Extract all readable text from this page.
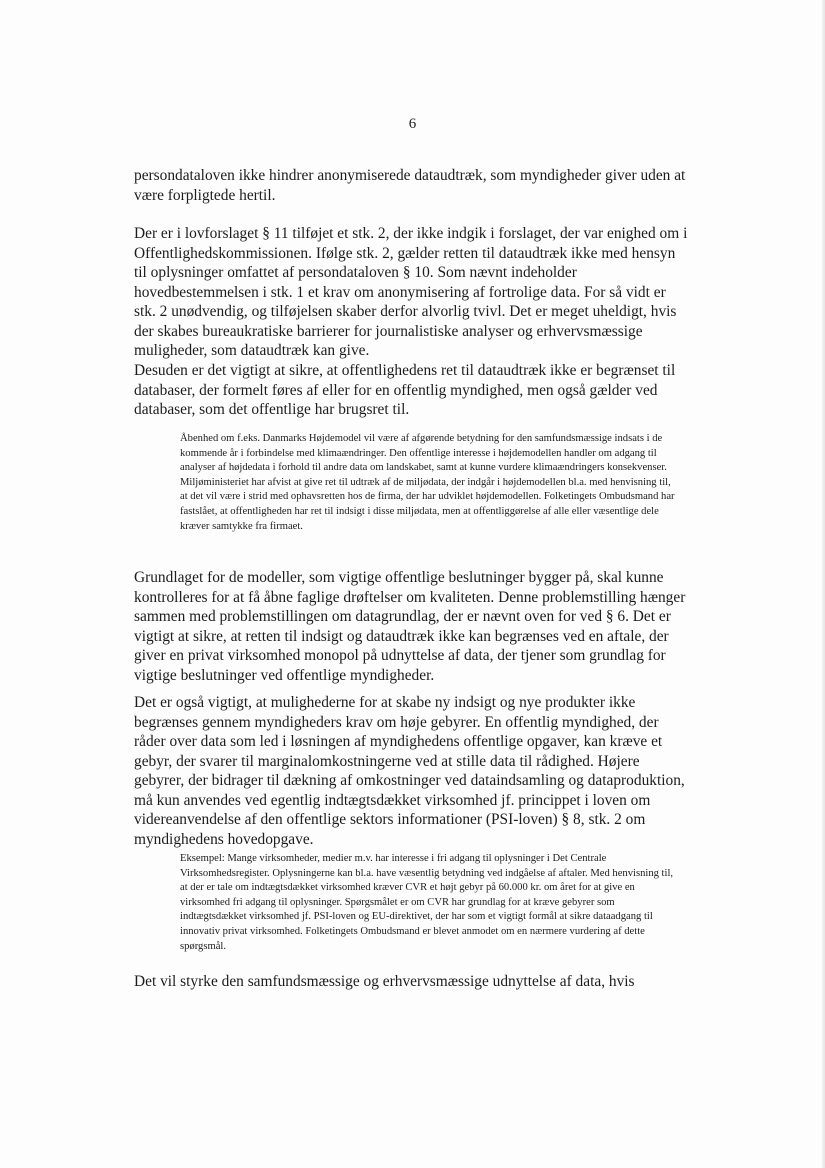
6

persondataloven ikke hindrer anonymiserede dataudtræk, som myndigheder giver uden at være forpligtede hertil.

Der er i lovforslaget § 11 tilføjet et stk. 2, der ikke indgik i forslaget, der var enighed om i Offentlighedskommissionen. Ifølge stk. 2, gælder retten til dataudtræk ikke med hensyn til oplysninger omfattet af persondataloven § 10. Som nævnt indeholder hovedbestemmelsen i stk. 1 et krav om anonymisering af fortrolige data. For så vidt er stk. 2 unødvendig, og tilføjelsen skaber derfor alvorlig tvivl. Det er meget uheldigt, hvis der skabes bureaukratiske barrierer for journalistiske analyser og erhvervsmæssige muligheder, som dataudtræk kan give.

Desuden er det vigtigt at sikre, at offentlighedens ret til dataudtræk ikke er begrænset til databaser, der formelt føres af eller for en offentlig myndighed, men også gælder ved databaser, som det offentlige har brugsret til.

Åbenhed om f.eks. Danmarks Højdemodel vil være af afgørende betydning for den samfundsmæssige indsats i de kommende år i forbindelse med klimaændringer. Den offentlige interesse i højdemodellen handler om adgang til analyser af højdedata i forhold til andre data om landskabet, samt at kunne vurdere klimaændringers konsekvenser. Miljøministeriet har afvist at give ret til udtræk af de miljødata, der indgår i højdemodellen bl.a. med henvisning til, at det vil være i strid med ophavsretten hos de firma, der har udviklet højdemodellen. Folketingets Ombudsmand har fastslået, at offentligheden har ret til indsigt i disse miljødata, men at offentliggørelse af alle eller væsentlige dele kræver samtykke fra firmaet.

Grundlaget for de modeller, som vigtige offentlige beslutninger bygger på, skal kunne kontrolleres for at få åbne faglige drøftelser om kvaliteten. Denne problemstilling hænger sammen med problemstillingen om datagrundlag, der er nævnt oven for ved § 6. Det er vigtigt at sikre, at retten til indsigt og dataudtræk ikke kan begrænses ved en aftale, der giver en privat virksomhed monopol på udnyttelse af data, der tjener som grundlag for vigtige beslutninger ved offentlige myndigheder.

Det er også vigtigt, at mulighederne for at skabe ny indsigt og nye produkter ikke begrænses gennem myndigheders krav om høje gebyrer. En offentlig myndighed, der råder over data som led i løsningen af myndighedens offentlige opgaver, kan kræve et gebyr, der svarer til marginalomkostningerne ved at stille data til rådighed. Højere gebyrer, der bidrager til dækning af omkostninger ved dataindsamling og dataproduktion, må kun anvendes ved egentlig indtægtsdækket virksomhed jf. princippet i loven om videreanvendelse af den offentlige sektors informationer (PSI-loven) § 8, stk. 2 om myndighedens hovedopgave.

Eksempel: Mange virksomheder, medier m.v. har interesse i fri adgang til oplysninger i Det Centrale Virksomhedsregister. Oplysningerne kan bl.a. have væsentlig betydning ved indgåelse af aftaler. Med henvisning til, at der er tale om indtægtsdækket virksomhed kræver CVR et højt gebyr på 60.000 kr. om året for at give en virksomhed fri adgang til oplysninger. Spørgsmålet er om CVR har grundlag for at kræve gebyrer som indtægtsdækket virksomhed jf. PSI-loven og EU-direktivet, der har som et vigtigt formål at sikre dataadgang til innovativ privat virksomhed. Folketingets Ombudsmand er blevet anmodet om en nærmere vurdering af dette spørgsmål.

Det vil styrke den samfundsmæssige og erhvervsmæssige udnyttelse af data, hvis
